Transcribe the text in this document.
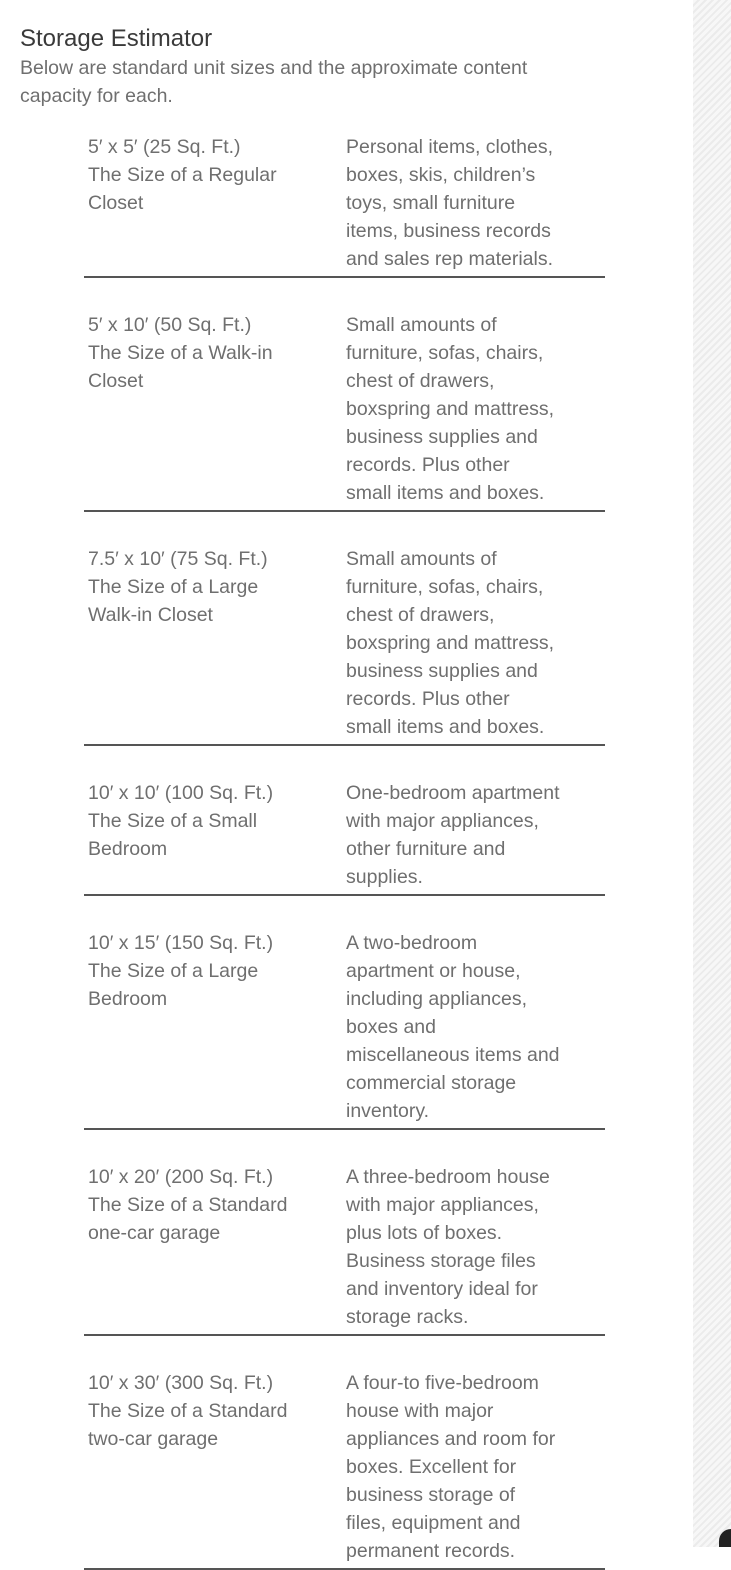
Storage Estimator

Below are standard unit sizes and the approximate content
capacity for each.

5′ x 5′ (25 Sq. Ft.)
The Size of a Regular
Closet
Personal items, clothes,
boxes, skis, children’s
toys, small furniture
items, business records
and sales rep materials.
5′ x 10′ (50 Sq. Ft.)
The Size of a Walk-in
Closet
Small amounts of
furniture, sofas, chairs,
chest of drawers,
boxspring and mattress,
business supplies and
records. Plus other
small items and boxes.
7.5′ x 10′ (75 Sq. Ft.)
The Size of a Large
Walk-in Closet
Small amounts of
furniture, sofas, chairs,
chest of drawers,
boxspring and mattress,
business supplies and
records. Plus other
small items and boxes.
10′ x 10′ (100 Sq. Ft.)
The Size of a Small
Bedroom
One-bedroom apartment
with major appliances,
other furniture and
supplies.
10′ x 15′ (150 Sq. Ft.)
The Size of a Large
Bedroom
A two-bedroom
apartment or house,
including appliances,
boxes and
miscellaneous items and
commercial storage
inventory.
10′ x 20′ (200 Sq. Ft.)
The Size of a Standard
one-car garage
A three-bedroom house
with major appliances,
plus lots of boxes.
Business storage files
and inventory ideal for
storage racks.
10′ x 30′ (300 Sq. Ft.)
The Size of a Standard
two-car garage
A four-to five-bedroom
house with major
appliances and room for
boxes. Excellent for
business storage of
files, equipment and
permanent records.
